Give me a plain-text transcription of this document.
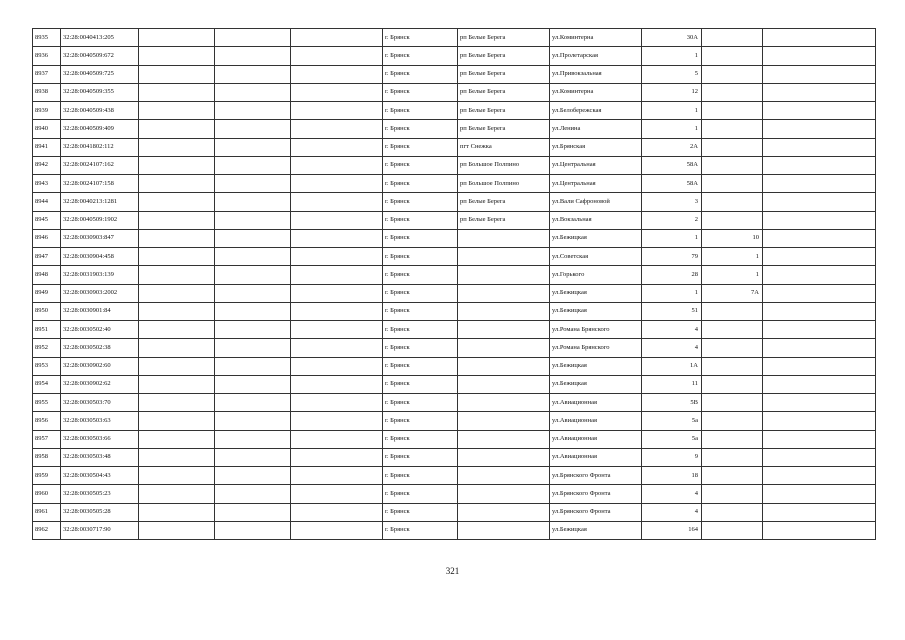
8935	32:28:0040413:205				г. Брянск	рп Белые Берега	ул.Коминтерна	30А		
8936	32:28:0040509:672				г. Брянск	рп Белые Берега	ул.Пролетарская	1		
8937	32:28:0040509:725				г. Брянск	рп Белые Берега	ул.Привокзальная	5		
8938	32:28:0040509:355				г. Брянск	рп Белые Берега	ул.Коминтерна	12		
8939	32:28:0040509:438				г. Брянск	рп Белые Берега	ул.Белобережская	1		
8940	32:28:0040509:409				г. Брянск	рп Белые Берега	ул.Ленина	1		
8941	32:28:0041802:112				г. Брянск	пгт Снежка	ул.Брянская	2А		
8942	32:28:0024107:162				г. Брянск	рп Большое Полпино	ул.Центральная	58А		
8943	32:28:0024107:158				г. Брянск	рп Большое Полпино	ул.Центральная	58А		
8944	32:28:0040213:1281				г. Брянск	рп Белые Берега	ул.Вали Сафроновой	3		
8945	32:28:0040509:1902				г. Брянск	рп Белые Берега	ул.Вокзальная	2		
8946	32:28:0030903:847				г. Брянск		ул.Бежицкая	1	10	
8947	32:28:0030904:458				г. Брянск		ул.Советская	79	1	
8948	32:28:0031903:139				г. Брянск		ул.Горького	28	1	
8949	32:28:0030903:2002				г. Брянск		ул.Бежицкая	1	7А	
8950	32:28:0030901:84				г. Брянск		ул.Бежицкая	51		
8951	32:28:0030502:40				г. Брянск		ул.Романа Брянского	4		
8952	32:28:0030502:38				г. Брянск		ул.Романа Брянского	4		
8953	32:28:0030902:60				г. Брянск		ул.Бежицкая	1А		
8954	32:28:0030902:62				г. Брянск		ул.Бежицкая	11		
8955	32:28:0030503:70				г. Брянск		ул.Авиационная	5В		
8956	32:28:0030503:63				г. Брянск		ул.Авиационная	5а		
8957	32:28:0030503:66				г. Брянск		ул.Авиационная	5а		
8958	32:28:0030503:48				г. Брянск		ул.Авиационная	9		
8959	32:28:0030504:43				г. Брянск		ул.Брянского Фронта	18		
8960	32:28:0030505:23				г. Брянск		ул.Брянского Фронта	4		
8961	32:28:0030505:28				г. Брянск		ул.Брянского Фронта	4		
8962	32:28:0030717:90				г. Брянск		ул.Бежицкая	164		
321
